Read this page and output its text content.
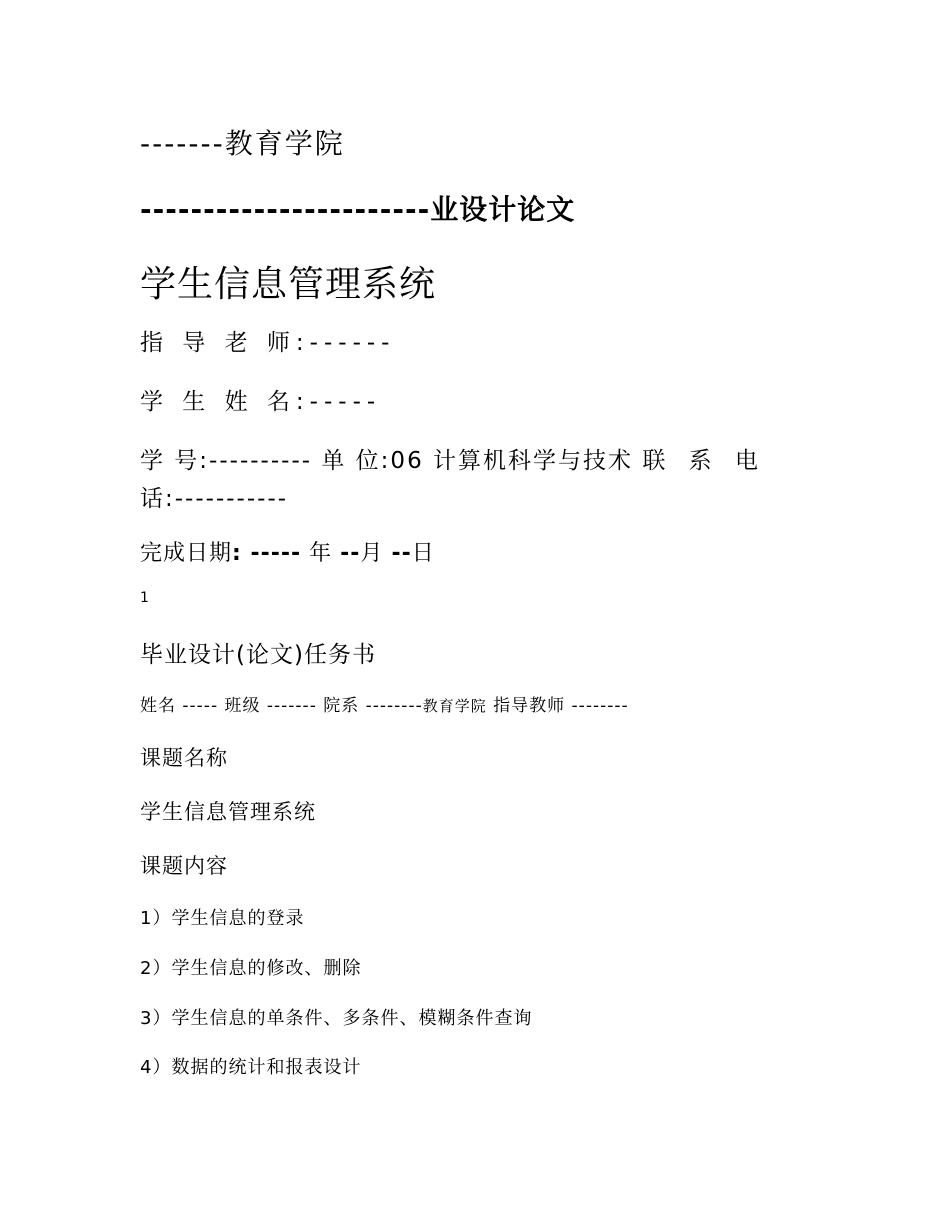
-------教育学院
-----------------------业设计论文
学生信息管理系统
指 导 老 师:------
学 生 姓 名:-----
学 号:---------- 单 位:06 计算机科学与技术 联 系 电话:-----------
完成日期: ----- 年 --月 --日
1
毕业设计(论文)任务书
姓名 ----- 班级 ------- 院系 --------教育学院 指导教师 --------
课题名称
学生信息管理系统
课题内容
1）学生信息的登录
2）学生信息的修改、删除
3）学生信息的单条件、多条件、模糊条件查询
4）数据的统计和报表设计
